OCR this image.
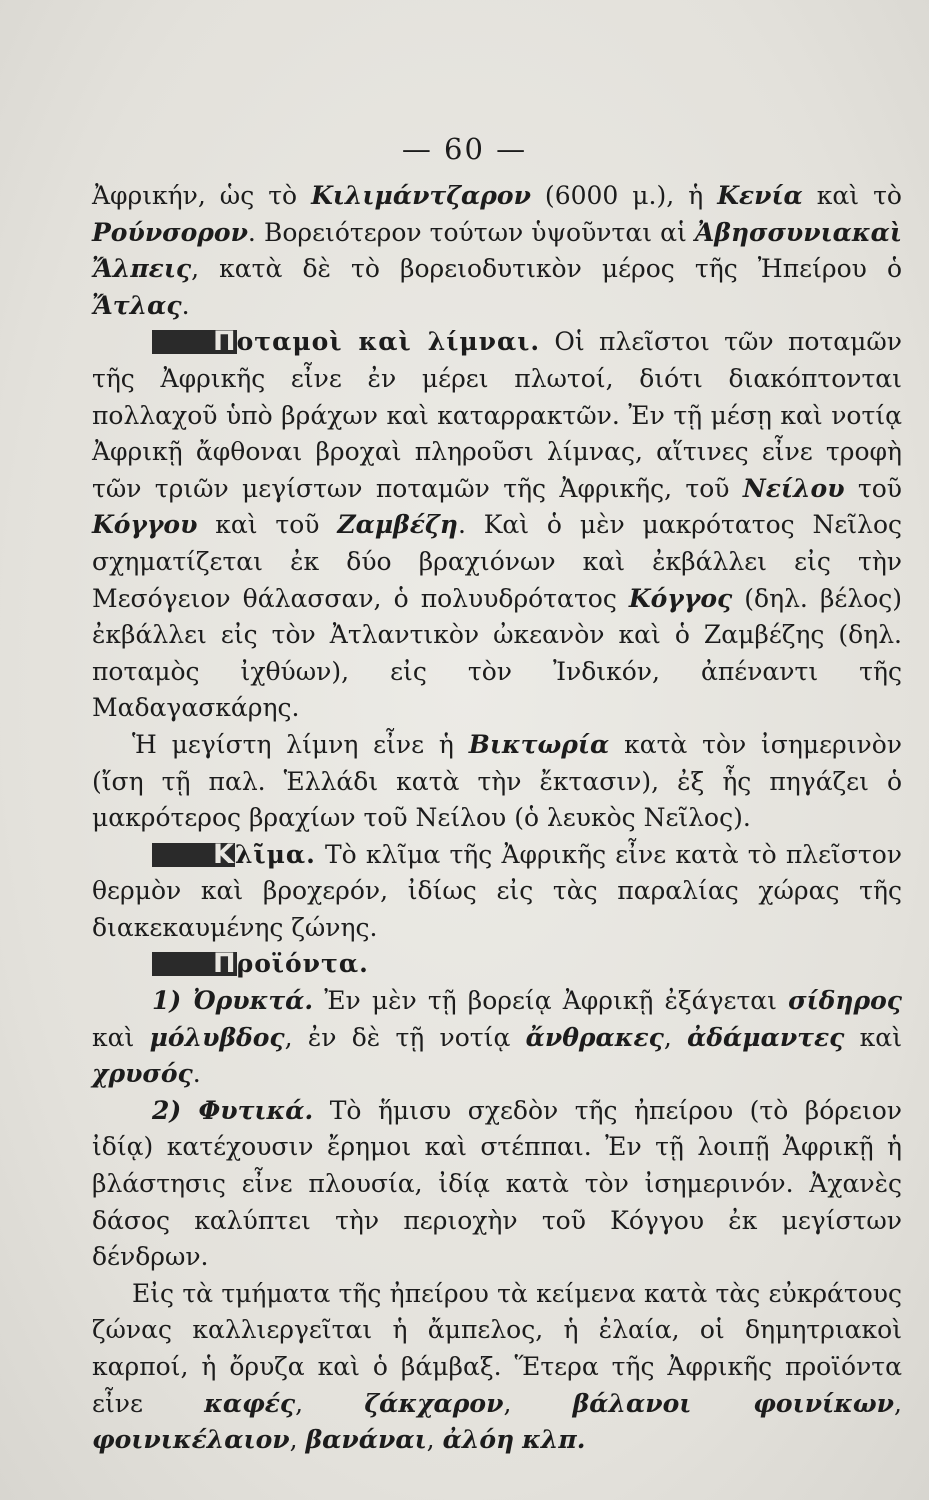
— 60 —

Ἀφρικήν, ὡς τὸ Κιλιμάντζαρον (6000 μ.), ἡ Κενία καὶ τὸ Ρούνσορον. Βορειότερον τούτων ὑψοῦνται αἱ Ἀβησσυνιακαὶ Ἄλπεις, κατὰ δὲ τὸ βορειοδυτικὸν μέρος τῆς Ἠπείρου ὁ Ἄτλας.

Ποταμοὶ καὶ λίμναι. Οἱ πλεῖστοι τῶν ποταμῶν τῆς Ἀφρικῆς εἶνε ἐν μέρει πλωτοί, διότι διακόπτονται πολλαχοῦ ὑπὸ βράχων καὶ καταρρακτῶν. Ἐν τῇ μέσῃ καὶ νοτίᾳ Ἀφρικῇ ἄφθοναι βροχαὶ πληροῦσι λίμνας, αἵτινες εἶνε τροφὴ τῶν τριῶν μεγίστων ποταμῶν τῆς Ἀφρικῆς, τοῦ Νείλου τοῦ Κόγγου καὶ τοῦ Ζαμβέζη. Καὶ ὁ μὲν μακρότατος Νεῖλος σχηματίζεται ἐκ δύο βραχιόνων καὶ ἐκβάλλει εἰς τὴν Μεσόγειον θάλασσαν, ὁ πολυυδρότατος Κόγγος (δηλ. βέλος) ἐκβάλλει εἰς τὸν Ἀτλαντικὸν ὠκεανὸν καὶ ὁ Ζαμβέζης (δηλ. ποταμὸς ἰχθύων), εἰς τὸν Ἰνδικόν, ἀπέναντι τῆς Μαδαγασκάρης.

Ἡ μεγίστη λίμνη εἶνε ἡ Βικτωρία κατὰ τὸν ἰσημερινὸν (ἴση τῇ παλ. Ἑλλάδι κατὰ τὴν ἔκτασιν), ἐξ ἧς πηγάζει ὁ μακρότερος βραχίων τοῦ Νείλου (ὁ λευκὸς Νεῖλος).

Κλῖμα. Τὸ κλῖμα τῆς Ἀφρικῆς εἶνε κατὰ τὸ πλεῖστον θερμὸν καὶ βροχερόν, ἰδίως εἰς τὰς παραλίας χώρας τῆς διακεκαυμένης ζώνης.

Προϊόντα.

1) Ὀρυκτά. Ἐν μὲν τῇ βορείᾳ Ἀφρικῇ ἐξάγεται σίδηρος καὶ μόλυβδος, ἐν δὲ τῇ νοτίᾳ ἄνθρακες, ἀδάμαντες καὶ χρυσός.

2) Φυτικά. Τὸ ἥμισυ σχεδὸν τῆς ἠπείρου (τὸ βόρειον ἰδίᾳ) κατέχουσιν ἔρημοι καὶ στέππαι. Ἐν τῇ λοιπῇ Ἀφρικῇ ἡ βλάστησις εἶνε πλουσία, ἰδίᾳ κατὰ τὸν ἰσημερινόν. Ἀχανὲς δάσος καλύπτει τὴν περιοχὴν τοῦ Κόγγου ἐκ μεγίστων δένδρων.

Εἰς τὰ τμήματα τῆς ἠπείρου τὰ κείμενα κατὰ τὰς εὐκράτους ζώνας καλλιεργεῖται ἡ ἄμπελος, ἡ ἐλαία, οἱ δημητριακοὶ καρποί, ἡ ὄρυζα καὶ ὁ βάμβαξ. Ἕτερα τῆς Ἀφρικῆς προϊόντα εἶνε καφές, ζάκχαρον, βάλανοι φοινίκων, φοινικέλαιον, βανάναι, ἀλόη κλπ.
